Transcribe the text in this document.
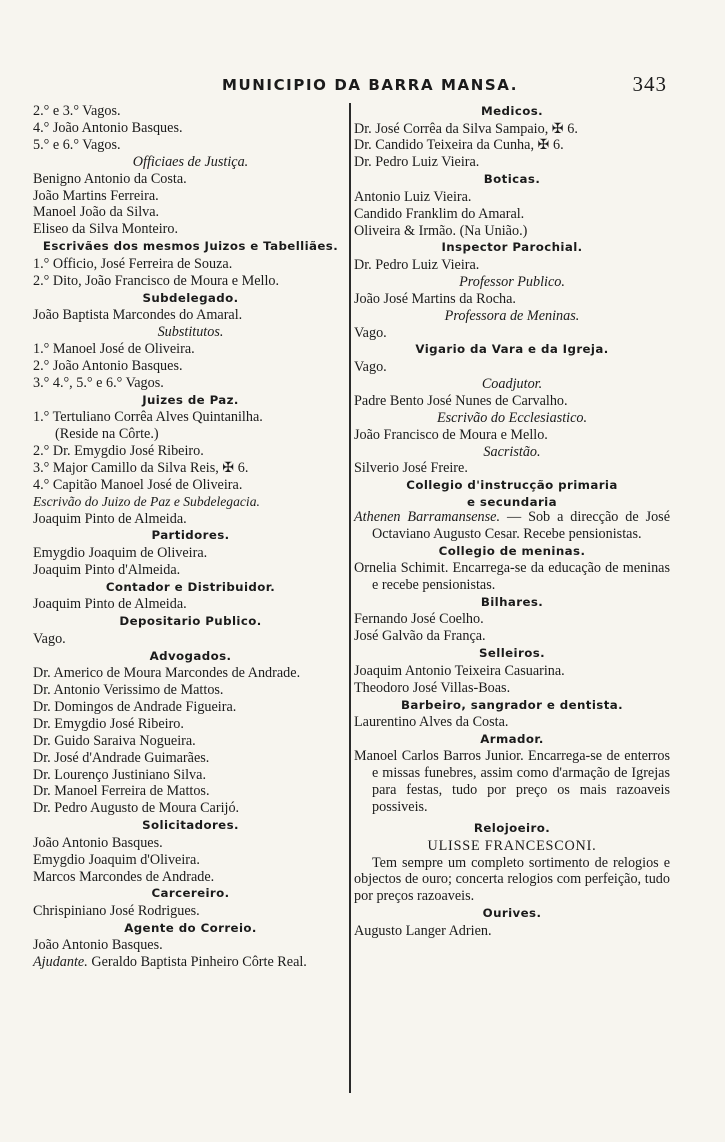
MUNICIPIO DA BARRA MANSA.	343
2.° e 3.° Vagos.
4.° João Antonio Basques.
5.° e 6.° Vagos.
Officiaes de Justiça.
Benigno Antonio da Costa.
João Martins Ferreira.
Manoel João da Silva.
Eliseo da Silva Monteiro.
Escrivães dos mesmos Juizos e Tabelliães.
1.° Officio, José Ferreira de Souza.
2.° Dito, João Francisco de Moura e Mello.
Subdelegado.
João Baptista Marcondes do Amaral.
Substitutos.
1.° Manoel José de Oliveira.
2.° João Antonio Basques.
3.° 4.°, 5.° e 6.° Vagos.
Juizes de Paz.
1.° Tertuliano Corrêa Alves Quintanilha.
(Reside na Côrte.)
2.° Dr. Emygdio José Ribeiro.
3.° Major Camillo da Silva Reis, ✠ 6.
4.° Capitão Manoel José de Oliveira.
Escrivão do Juizo de Paz e Subdelegacia.
Joaquim Pinto de Almeida.
Partidores.
Emygdio Joaquim de Oliveira.
Joaquim Pinto d'Almeida.
Contador e Distribuidor.
Joaquim Pinto de Almeida.
Depositario Publico.
Vago.
Advogados.
Dr. Americo de Moura Marcondes de Andrade.
Dr. Antonio Verissimo de Mattos.
Dr. Domingos de Andrade Figueira.
Dr. Emygdio José Ribeiro.
Dr. Guido Saraiva Nogueira.
Dr. José d'Andrade Guimarães.
Dr. Lourenço Justiniano Silva.
Dr. Manoel Ferreira de Mattos.
Dr. Pedro Augusto de Moura Carijó.
Solicitadores.
João Antonio Basques.
Emygdio Joaquim d'Oliveira.
Marcos Marcondes de Andrade.
Carcereiro.
Chrispiniano José Rodrigues.
Agente do Correio.
João Antonio Basques.
Ajudante. Geraldo Baptista Pinheiro Côrte Real.
Medicos.
Dr. José Corrêa da Silva Sampaio, ✠ 6.
Dr. Candido Teixeira da Cunha, ✠ 6.
Dr. Pedro Luiz Vieira.
Boticas.
Antonio Luiz Vieira.
Candido Franklim do Amaral.
Oliveira & Irmão. (Na União.)
Inspector Parochial.
Dr. Pedro Luiz Vieira.
Professor Publico.
João José Martins da Rocha.
Professora de Meninas.
Vago.
Vigario da Vara e da Igreja.
Vago.
Coadjutor.
Padre Bento José Nunes de Carvalho.
Escrivão do Ecclesiastico.
João Francisco de Moura e Mello.
Sacristão.
Silverio José Freire.
Collegio d'instrucção primaria
e secundaria
Athenen Barramansense. — Sob a direcção de José Octaviano Augusto Cesar. Recebe pensionistas.
Collegio de meninas.
Ornelia Schimit. Encarrega-se da educação de meninas e recebe pensionistas.
Bilhares.
Fernando José Coelho.
José Galvão da França.
Selleiros.
Joaquim Antonio Teixeira Casuarina.
Theodoro José Villas-Boas.
Barbeiro, sangrador e dentista.
Laurentino Alves da Costa.
Armador.
Manoel Carlos Barros Junior. Encarrega-se de enterros e missas funebres, assim como d'armação de Igrejas para festas, tudo por preço os mais razoaveis possiveis.
Relojoeiro.
ULISSE FRANCESCONI.
Tem sempre um completo sortimento de relogios e objectos de ouro; concerta relogios com perfeição, tudo por preços razoaveis.
Ourives.
Augusto Langer Adrien.
